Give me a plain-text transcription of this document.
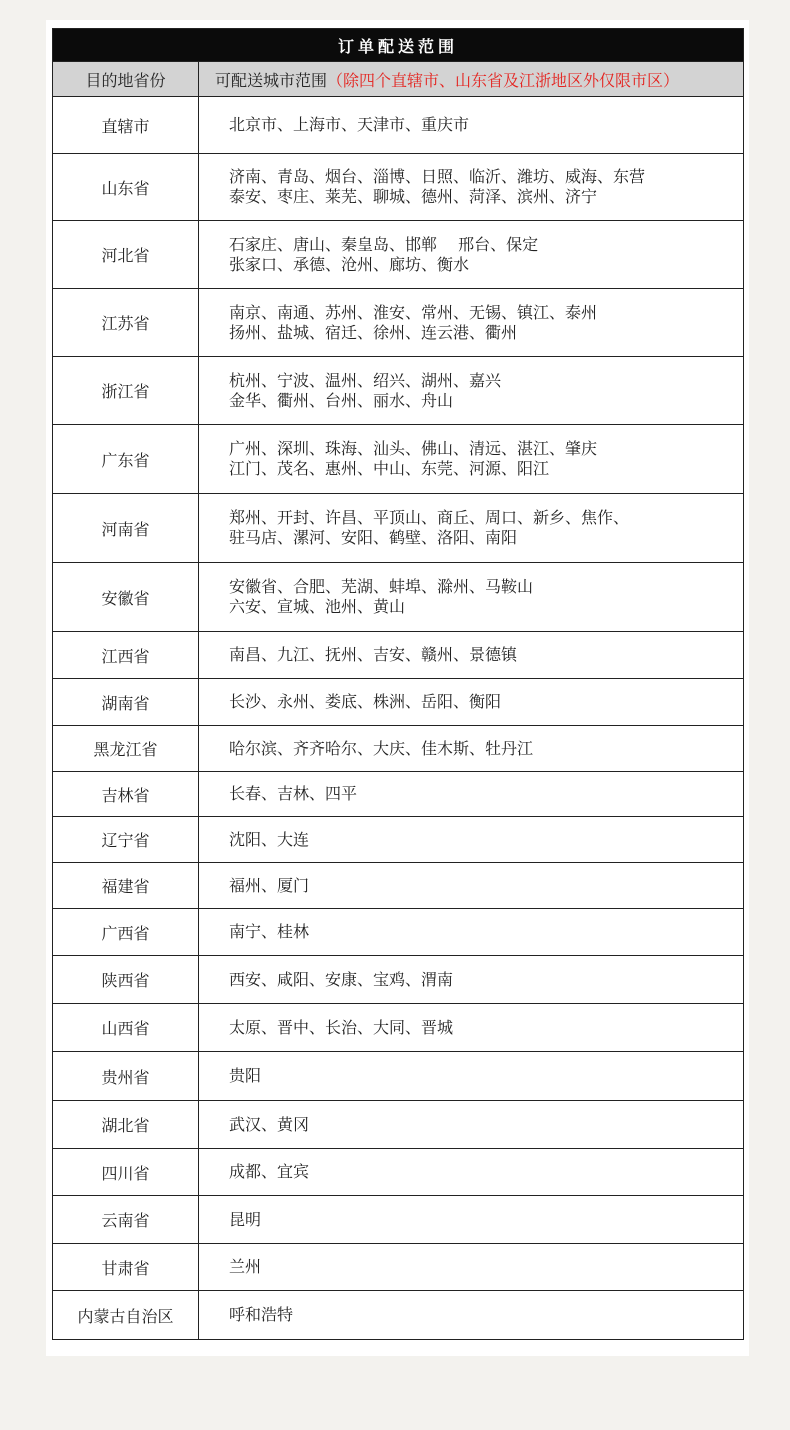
订单配送范围	
目的地省份	可配送城市范围（除四个直辖市、山东省及江浙地区外仅限市区）
直辖市	北京市、上海市、天津市、重庆市

山东省	济南、青岛、烟台、淄博、日照、临沂、潍坊、威海、东营
泰安、枣庄、莱芜、聊城、德州、菏泽、滨州、济宁

河北省	石家庄、唐山、秦皇岛、邯郸　 邢台、保定
张家口、承德、沧州、廊坊、衡水

江苏省	南京、南通、苏州、淮安、常州、无锡、镇江、泰州
扬州、盐城、宿迁、徐州、连云港、衢州

浙江省	杭州、宁波、温州、绍兴、湖州、嘉兴
金华、衢州、台州、丽水、舟山

广东省	广州、深圳、珠海、汕头、佛山、清远、湛江、肇庆
江门、茂名、惠州、中山、东莞、河源、阳江

河南省	郑州、开封、许昌、平顶山、商丘、周口、新乡、焦作、
驻马店、漯河、安阳、鹤壁、洛阳、南阳

安徽省	安徽省、合肥、芜湖、蚌埠、滁州、马鞍山
六安、宣城、池州、黄山

江西省	南昌、九江、抚州、吉安、赣州、景德镇

湖南省	长沙、永州、娄底、株洲、岳阳、衡阳

黑龙江省	哈尔滨、齐齐哈尔、大庆、佳木斯、牡丹江

吉林省	长春、吉林、四平

辽宁省	沈阳、大连

福建省	福州、厦门

广西省	南宁、桂林

陕西省	西安、咸阳、安康、宝鸡、渭南

山西省	太原、晋中、长治、大同、晋城

贵州省	贵阳

湖北省	武汉、黄冈

四川省	成都、宜宾

云南省	昆明

甘肃省	兰州

内蒙古自治区	呼和浩特
